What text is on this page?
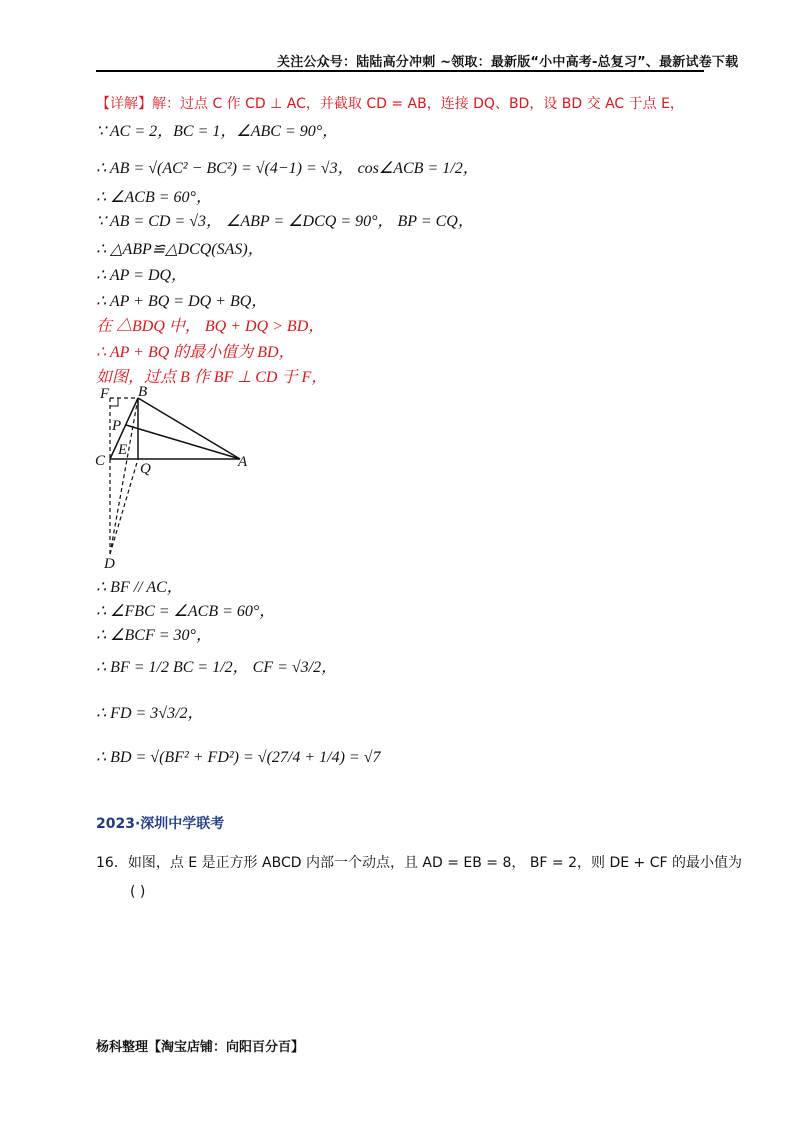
关注公众号：陆陆高分冲刺 ~领取：最新版“小中高考-总复习”、最新试卷下载
【详解】解：过点 C 作 CD ⊥ AC，并截取 CD = AB，连接 DQ、BD，设 BD 交 AC 于点 E，
∵ AC = 2，BC = 1，∠ABC = 90°，
∴ AB = √(AC² − BC²) = √(4−1) = √3， cos∠ACB = 1/2，
∴ ∠ACB = 60°，
∵ AB = CD = √3， ∠ABP = ∠DCQ = 90°， BP = CQ，
∴ △ABP≌△DCQ(SAS)，
∴ AP = DQ，
∴ AP + BQ = DQ + BQ，
在 △BDQ 中， BQ + DQ > BD，
∴ AP + BQ 的最小值为 BD，
如图，过点 B 作 BF ⊥ CD 于 F，
F B
P
C
E
Q	A
D
∴ BF // AC，
∴ ∠FBC = ∠ACB = 60°，
∴ ∠BCF = 30°，
∴ BF = 1/2 BC = 1/2， CF = √3/2，
∴ FD = 3√3/2，
∴ BD = √(BF² + FD²) = √(27/4 + 1/4) = √7
2023·深圳中学联考
16．如图，点 E 是正方形 ABCD 内部一个动点，且 AD = EB = 8， BF = 2，则 DE + CF 的最小值为
( )
杨科整理【淘宝店铺：向阳百分百】
